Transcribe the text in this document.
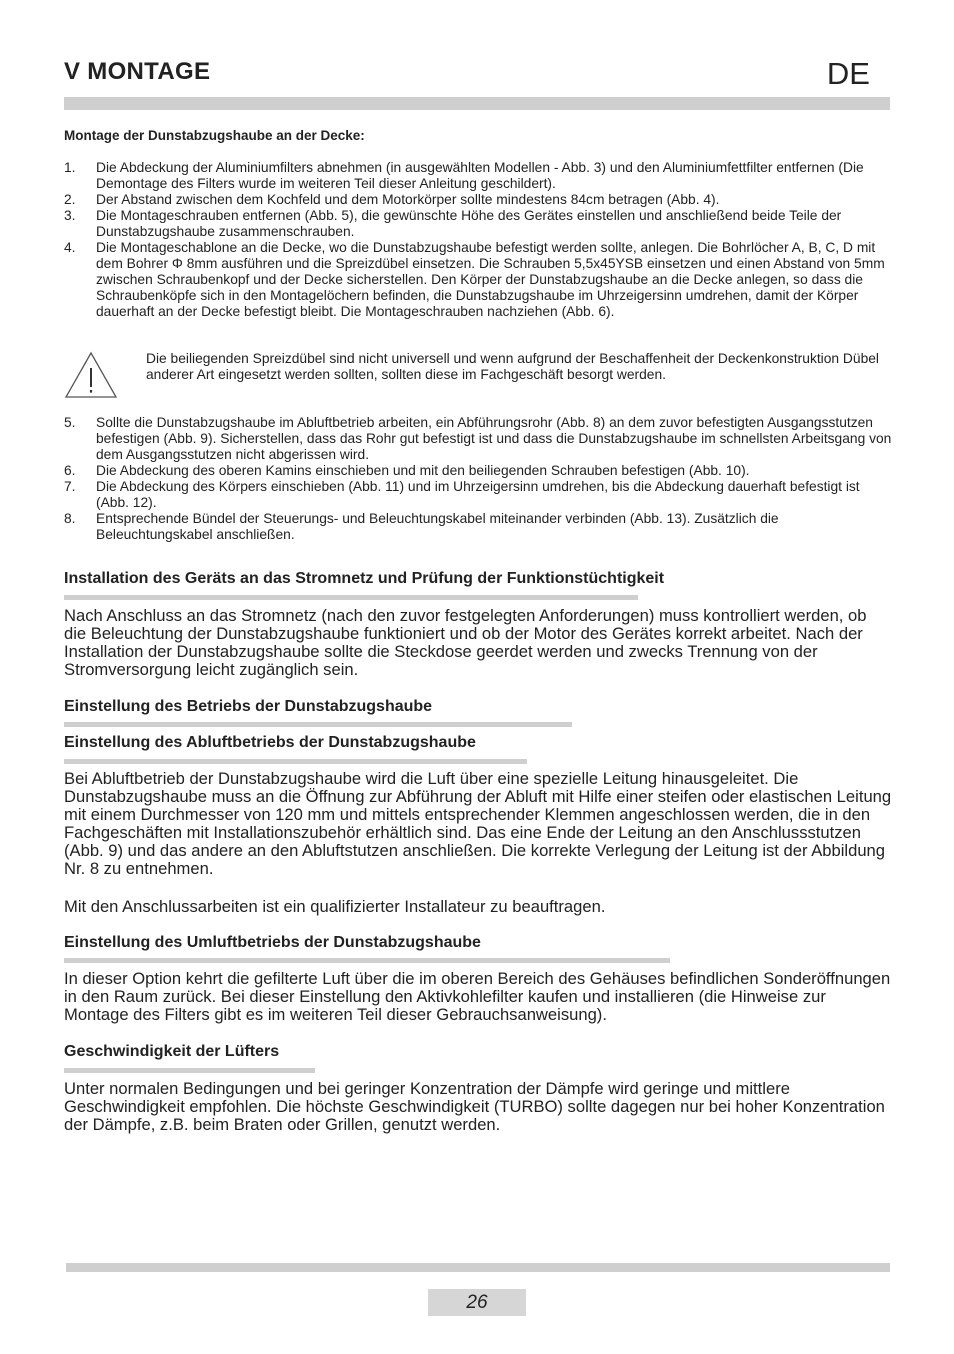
V MONTAGE	DE
Montage der Dunstabzugshaube an der Decke:
1. Die Abdeckung der Aluminiumfilters abnehmen (in ausgewählten Modellen - Abb. 3) und den Aluminiumfettfilter entfernen (Die Demontage des Filters wurde im weiteren Teil dieser Anleitung geschildert).
2. Der Abstand zwischen dem Kochfeld und dem Motorkörper sollte mindestens 84cm betragen (Abb. 4).
3. Die Montageschrauben entfernen (Abb. 5), die gewünschte Höhe des Gerätes einstellen und anschließend beide Teile der Dunstabzugshaube zusammenschrauben.
4. Die Montageschablone an die Decke, wo die Dunstabzugshaube befestigt werden sollte, anlegen. Die Bohrlöcher A, B, C, D mit dem Bohrer Φ 8mm ausführen und die Spreizdübel einsetzen. Die Schrauben 5,5x45YSB einsetzen und einen Abstand von 5mm zwischen Schraubenkopf und der Decke sicherstellen. Den Körper der Dunstabzugshaube an die Decke anlegen, so dass die Schraubenköpfe sich in den Montagelöchern befinden, die Dunstabzugshaube im Uhrzeigersinn umdrehen, damit der Körper dauerhaft an der Decke befestigt bleibt. Die Montageschrauben nachziehen (Abb. 6).
Die beiliegenden Spreizdübel sind nicht universell und wenn aufgrund der Beschaffenheit der Deckenkonstruktion Dübel anderer Art eingesetzt werden sollten, sollten diese im Fachgeschäft besorgt werden.
5. Sollte die Dunstabzugshaube im Abluftbetrieb arbeiten, ein Abführungsrohr (Abb. 8) an dem zuvor befestigten Ausgangsstutzen befestigen (Abb. 9). Sicherstellen, dass das Rohr gut befestigt ist und dass die Dunstabzugshaube im schnellsten Arbeitsgang von dem Ausgangsstutzen nicht abgerissen wird.
6. Die Abdeckung des oberen Kamins einschieben und mit den beiliegenden Schrauben befestigen (Abb. 10).
7. Die Abdeckung des Körpers einschieben (Abb. 11) und im Uhrzeigersinn umdrehen, bis die Abdeckung dauerhaft befestigt ist (Abb. 12).
8. Entsprechende Bündel der Steuerungs- und Beleuchtungskabel miteinander verbinden (Abb. 13). Zusätzlich die Beleuchtungskabel anschließen.
Installation des Geräts an das Stromnetz und Prüfung der Funktionstüchtigkeit
Nach Anschluss an das Stromnetz (nach den zuvor festgelegten Anforderungen) muss kontrolliert werden, ob die Beleuchtung der Dunstabzugshaube funktioniert und ob der Motor des Gerätes korrekt arbeitet. Nach der Installation der Dunstabzugshaube sollte die Steckdose geerdet werden und zwecks Trennung von der Stromversorgung leicht zugänglich sein.
Einstellung des Betriebs der Dunstabzugshaube
Einstellung des Abluftbetriebs der Dunstabzugshaube
Bei Abluftbetrieb der Dunstabzugshaube wird die Luft über eine spezielle Leitung hinausgeleitet. Die Dunstabzugshaube muss an die Öffnung zur Abführung der Abluft mit Hilfe einer steifen oder elastischen Leitung mit einem Durchmesser von 120 mm und mittels entsprechender Klemmen angeschlossen werden, die in den Fachgeschäften mit Installationszubehör erhältlich sind. Das eine Ende der Leitung an den Anschlussstutzen (Abb. 9) und das andere an den Abluftstutzen anschließen. Die korrekte Verlegung der Leitung ist der Abbildung Nr. 8 zu entnehmen.
Mit den Anschlussarbeiten ist ein qualifizierter Installateur zu beauftragen.
Einstellung des Umluftbetriebs der Dunstabzugshaube
In dieser Option kehrt die gefilterte Luft über die im oberen Bereich des Gehäuses befindlichen Sonderöffnungen in den Raum zurück. Bei dieser Einstellung den Aktivkohlefilter kaufen und installieren (die Hinweise zur Montage des Filters gibt es im weiteren Teil dieser Gebrauchsanweisung).
Geschwindigkeit der Lüfters
Unter normalen Bedingungen und bei geringer Konzentration der Dämpfe wird geringe und mittlere Geschwindigkeit empfohlen. Die höchste Geschwindigkeit (TURBO) sollte dagegen nur bei hoher Konzentration der Dämpfe, z.B. beim Braten oder Grillen, genutzt werden.
26
